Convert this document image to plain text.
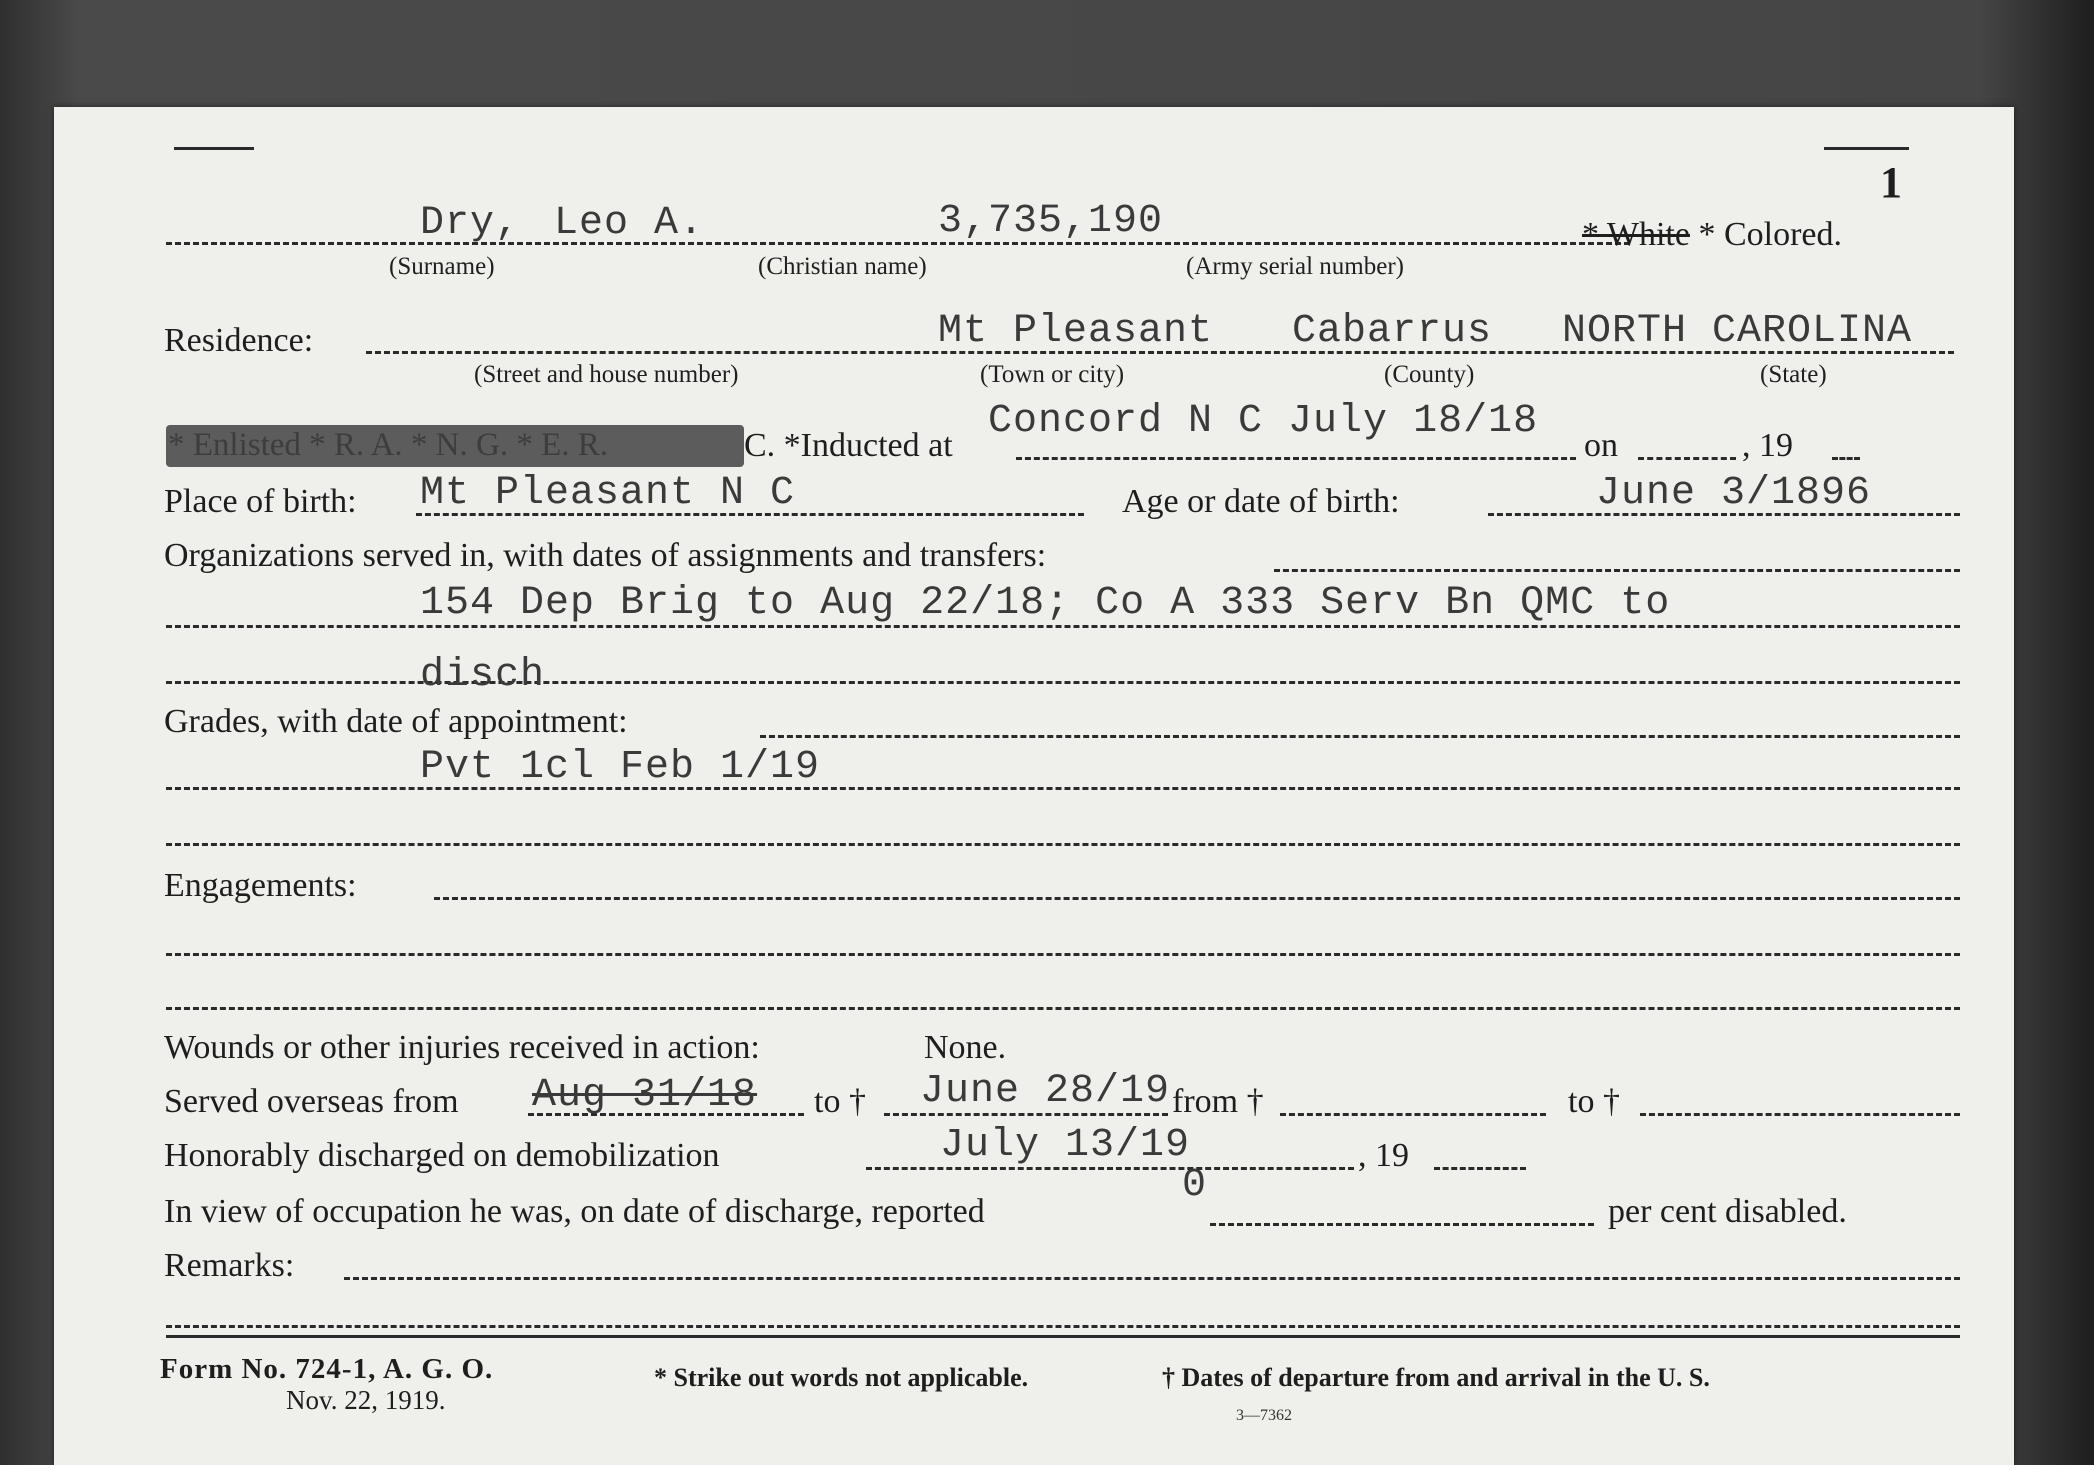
1
Dry, Leo A.	3,735,190	* White * Colored.
(Surname)	(Christian name)	(Army serial number)
Residence:	Mt Pleasant Cabarrus NORTH CAROLINA
(Street and house number)	(Town or city)	(County)	(State)
* Enlisted * R. A. * N. G. * E. R.	C. *Inducted at
Concord N C July 18/18
on	, 19
Place of birth: Mt Pleasant N C	Age or date of birth:	June 3/1896
Organizations served in, with dates of assignments and transfers:
154 Dep Brig to Aug 22/18; Co A 333 Serv Bn QMC to
disch
Grades, with date of appointment:
Pvt 1cl Feb 1/19
Engagements:
Wounds or other injuries received in action:	None.
Served overseas from Aug 31/18 to † June 28/19 from †	to †
Honorably discharged on demobilization	July 13/19	, 19
In view of occupation he was, on date of discharge, reported
0
per cent disabled.
Remarks:
Form No. 724-1, A. G. O.
Nov. 22, 1919.
* Strike out words not applicable.	† Dates of departure from and arrival in the U. S.
3—7362
